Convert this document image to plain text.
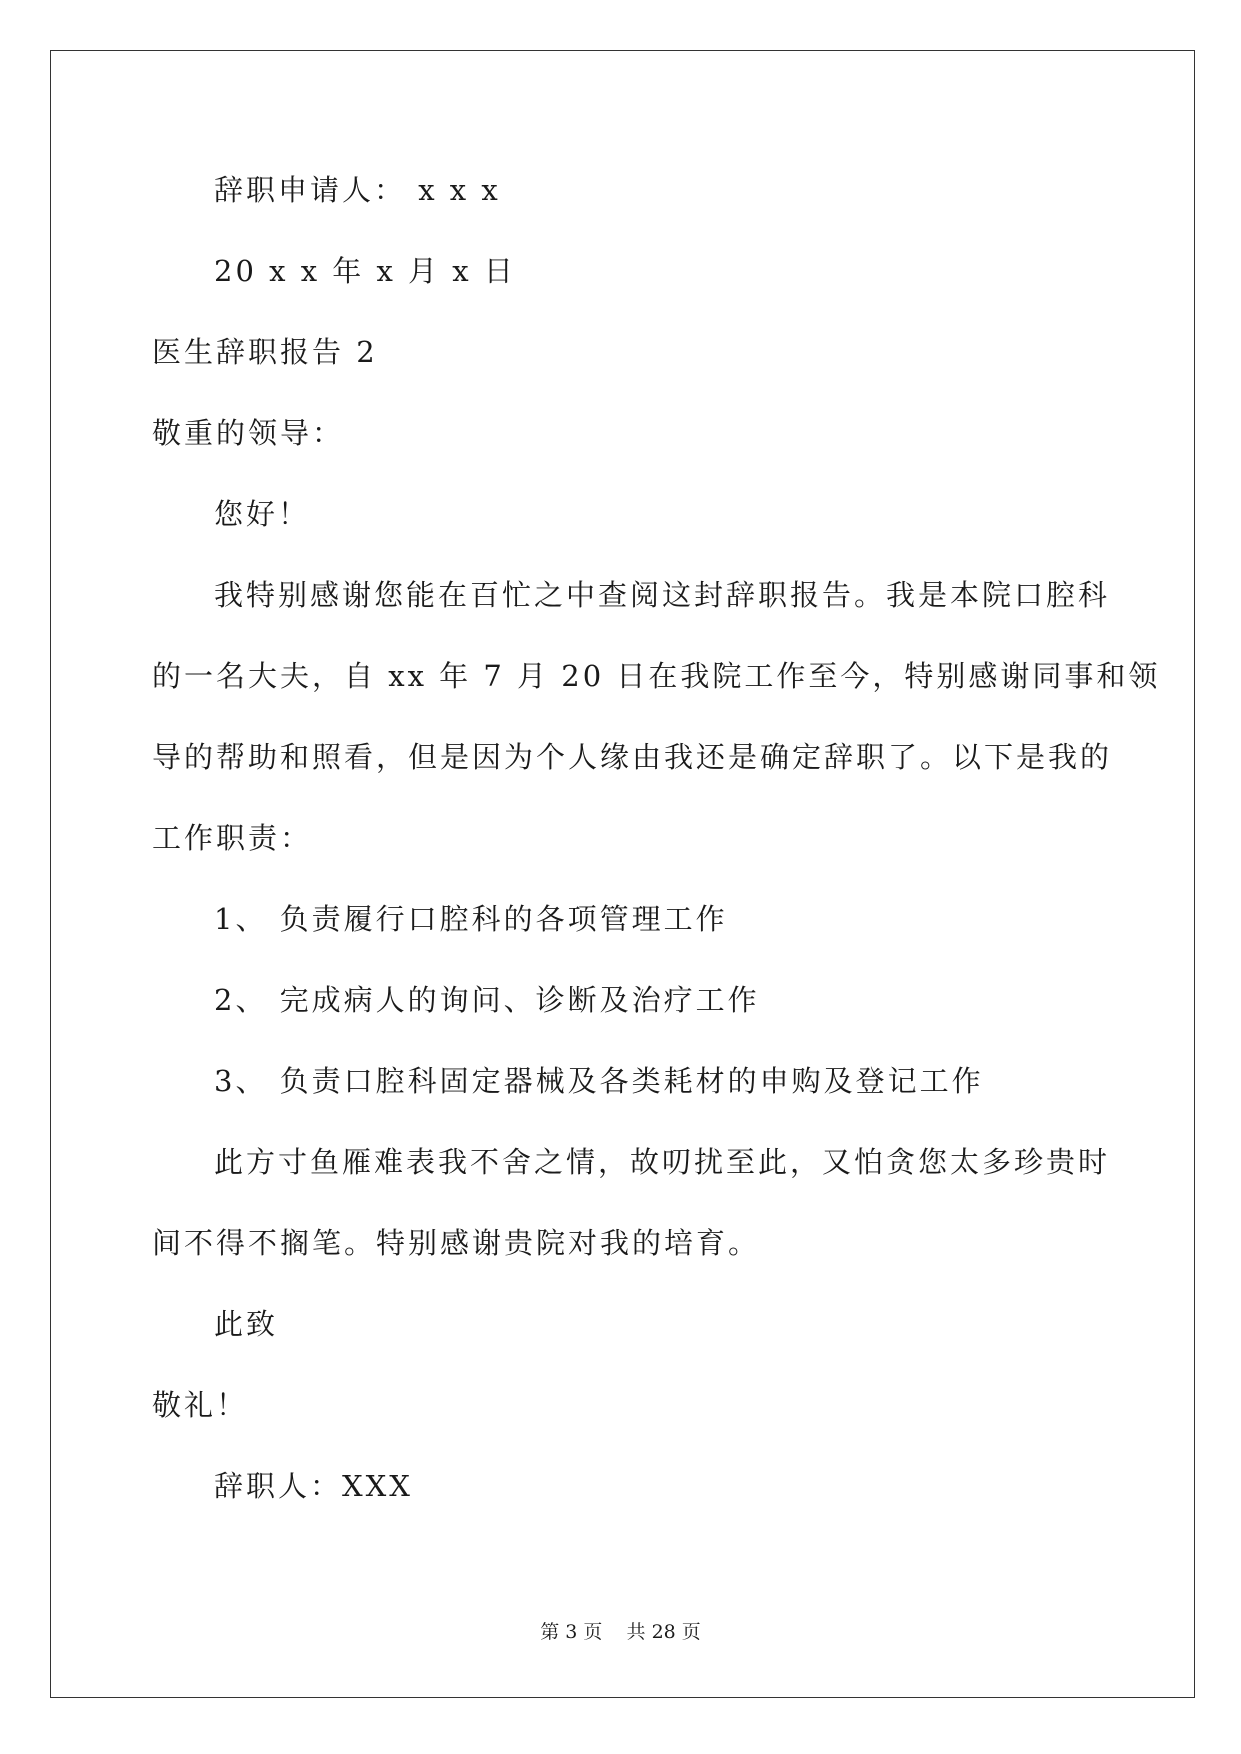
辞职申请人： x x x
20 x x 年 x 月 x 日
医生辞职报告 2
敬重的领导：
您好！
我特别感谢您能在百忙之中查阅这封辞职报告。我是本院口腔科
的一名大夫，自 xx 年 7 月 20 日在我院工作至今，特别感谢同事和领
导的帮助和照看，但是因为个人缘由我还是确定辞职了。以下是我的
工作职责：
1、 负责履行口腔科的各项管理工作
2、 完成病人的询问、诊断及治疗工作
3、 负责口腔科固定器械及各类耗材的申购及登记工作
此方寸鱼雁难表我不舍之情，故叨扰至此，又怕贪您太多珍贵时
间不得不搁笔。特别感谢贵院对我的培育。
此致
敬礼！
辞职人：XXX
第 3 页    共 28 页
